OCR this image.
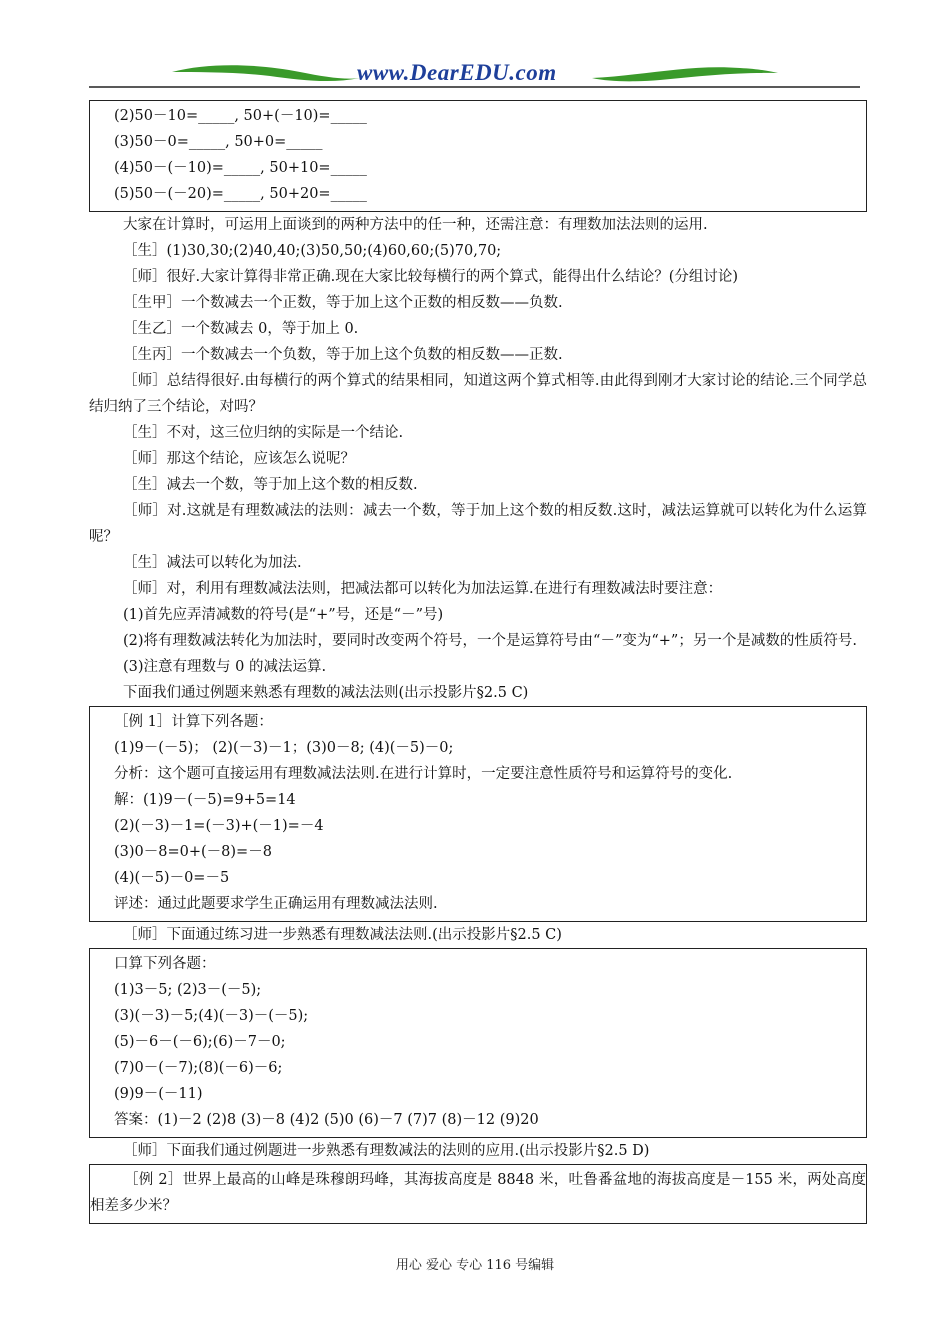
www.DearEDU.com
(2)50－10=_____, 50+(－10)=_____
(3)50－0=_____, 50+0=_____
(4)50－(－10)=_____, 50+10=_____
(5)50－(－20)=_____, 50+20=_____
大家在计算时，可运用上面谈到的两种方法中的任一种，还需注意：有理数加法法则的运用.
［生］(1)30,30;(2)40,40;(3)50,50;(4)60,60;(5)70,70;
［师］很好.大家计算得非常正确.现在大家比较每横行的两个算式，能得出什么结论？(分组讨论)
［生甲］一个数减去一个正数，等于加上这个正数的相反数——负数.
［生乙］一个数减去 0，等于加上 0.
［生丙］一个数减去一个负数，等于加上这个负数的相反数——正数.
［师］总结得很好.由每横行的两个算式的结果相同，知道这两个算式相等.由此得到刚才大家讨论的结论.三个同学总结归纳了三个结论，对吗？
［生］不对，这三位归纳的实际是一个结论.
［师］那这个结论，应该怎么说呢？
［生］减去一个数，等于加上这个数的相反数.
［师］对.这就是有理数减法的法则：减去一个数，等于加上这个数的相反数.这时，减法运算就可以转化为什么运算呢？
［生］减法可以转化为加法.
［师］对，利用有理数减法法则，把减法都可以转化为加法运算.在进行有理数减法时要注意：
(1)首先应弄清减数的符号(是“+”号，还是“－”号)
(2)将有理数减法转化为加法时，要同时改变两个符号，一个是运算符号由“－”变为“+”；另一个是减数的性质符号.
(3)注意有理数与 0 的减法运算.
下面我们通过例题来熟悉有理数的减法法则(出示投影片§2.5 C)
［例 1］计算下列各题：
(1)9－(－5)； (2)(－3)－1；(3)0－8; (4)(－5)－0;
分析：这个题可直接运用有理数减法法则.在进行计算时，一定要注意性质符号和运算符号的变化.
解：(1)9－(－5)=9+5=14
(2)(－3)－1=(－3)+(－1)=－4
(3)0－8=0+(－8)=－8
(4)(－5)－0=－5
评述：通过此题要求学生正确运用有理数减法法则.
［师］下面通过练习进一步熟悉有理数减法法则.(出示投影片§2.5 C)
口算下列各题：
(1)3－5; (2)3－(－5);
(3)(－3)－5;(4)(－3)－(－5);
(5)－6－(－6);(6)－7－0;
(7)0－(－7);(8)(－6)－6;
(9)9－(－11)
答案：(1)－2 (2)8 (3)－8 (4)2 (5)0 (6)－7 (7)7 (8)－12 (9)20
［师］下面我们通过例题进一步熟悉有理数减法的法则的应用.(出示投影片§2.5 D)
［例 2］世界上最高的山峰是珠穆朗玛峰，其海拔高度是 8848 米，吐鲁番盆地的海拔高度是－155 米，两处高度相差多少米？
用心 爱心 专心 116 号编辑
